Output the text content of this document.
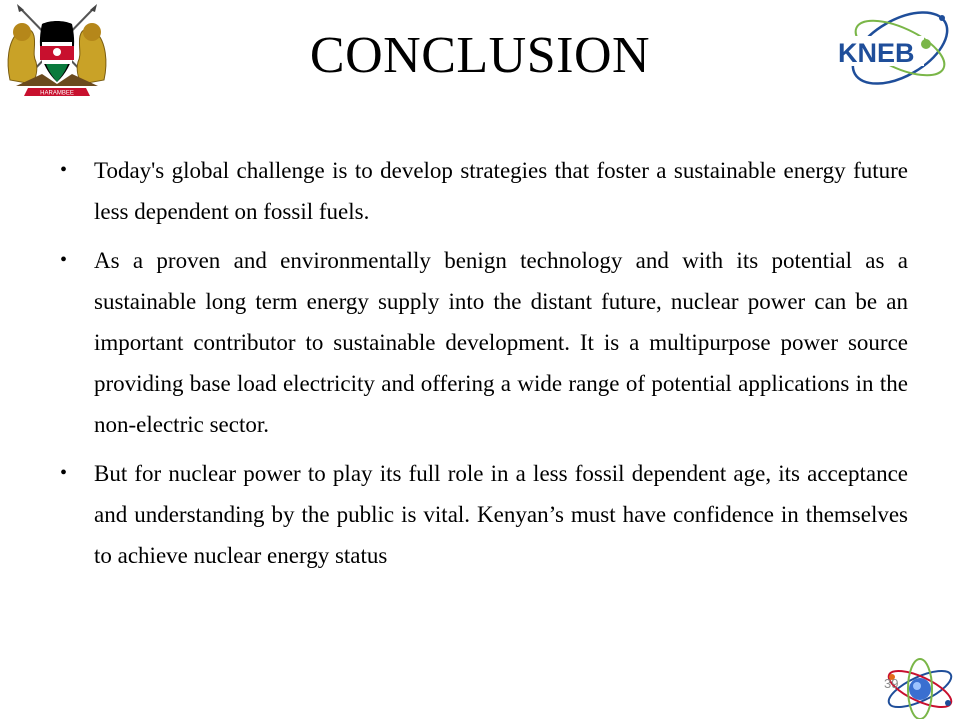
HARAMBEE
KNEB
CONCLUSION
• Today's global challenge is to develop strategies that foster a sustainable energy future less dependent on fossil fuels.
• As a proven and environmentally benign technology and with its potential as a sustainable long term energy supply into the distant future, nuclear power can be an important contributor to sustainable development. It is a multipurpose power source providing base load electricity and offering a wide range of potential applications in the non-electric sector.
• But for nuclear power to play its full role in a less fossil dependent age, its acceptance and understanding by the public is vital. Kenyan’s must have confidence in themselves to achieve nuclear energy status
39
